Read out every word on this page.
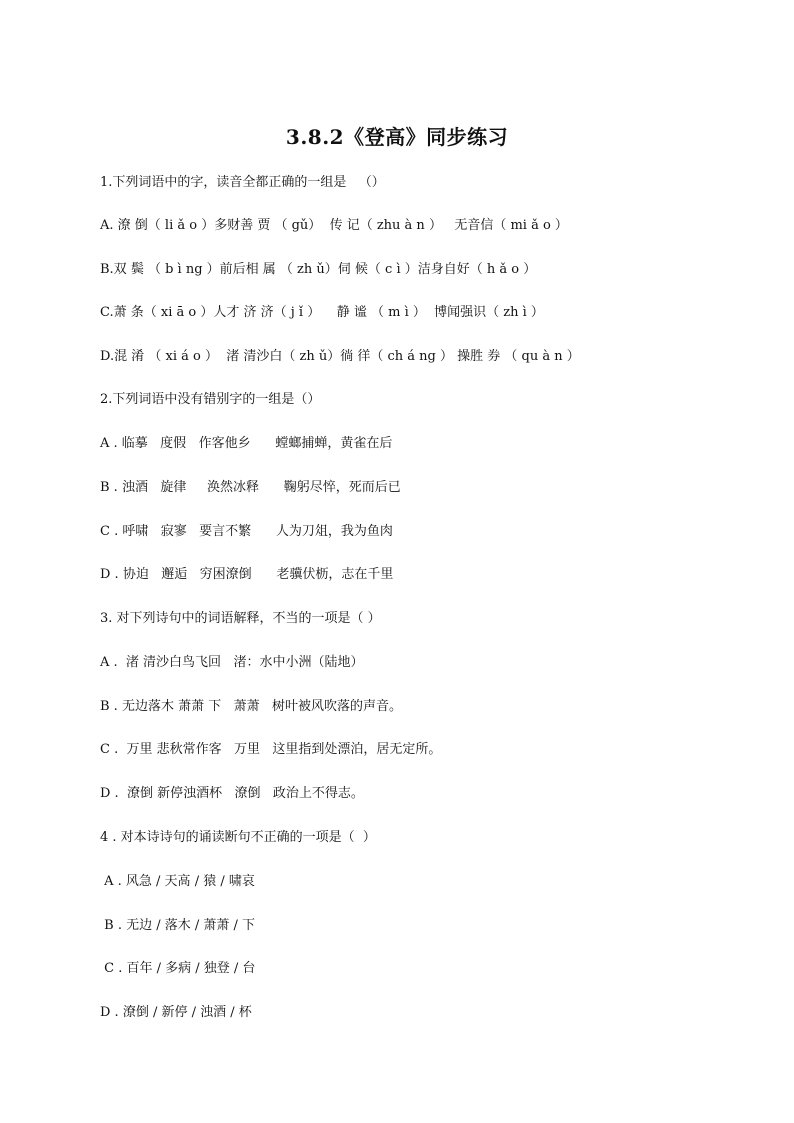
3.8.2《登高》同步练习
1.下列词语中的字，读音全都正确的一组是   （）
A. 潦 倒（ li ǎ o ）多财善 贾 （ gǔ）  传 记（ zhu à n ）   无音信（ mi ǎ o ）
B.双 鬓 （ b ì ng ）前后相 属 （ zh ǔ）伺 候（ c ì ）洁身自好（ h ǎ o ）
C.萧 条（ xi ā o ）人才 济 济（ j ǐ ）    静 谧 （ m ì ）  博闻强识（ zh ì ）
D.混 淆 （ xi á o ）  渚 清沙白（ zh ǔ）徜 徉（ ch á ng ） 操胜 券 （ qu à n ）
2.下列词语中没有错别字的一组是（）
A . 临摹   度假   作客他乡      螳螂捕蝉，黄雀在后
B . 浊酒   旋律     涣然冰释      鞠躬尽悴，死而后已
C . 呼啸   寂寥   要言不繁      人为刀俎，我为鱼肉
D . 协迫   邂逅   穷困潦倒      老骥伏枥，志在千里
3. 对下列诗句中的词语解释，不当的一项是（ ）
A .  渚 清沙白鸟飞回   渚：水中小洲（陆地）
B . 无边落木 萧萧 下   萧萧   树叶被风吹落的声音。
C .  万里 悲秋常作客   万里   这里指到处漂泊，居无定所。
D .  潦倒 新停浊酒杯   潦倒   政治上不得志。
4 . 对本诗诗句的诵读断句不正确的一项是（  ）
A . 风急 / 天高 / 猿 / 啸哀
B . 无边 / 落木 / 萧萧 / 下
C . 百年 / 多病 / 独登 / 台
D . 潦倒 / 新停 / 浊酒 / 杯
